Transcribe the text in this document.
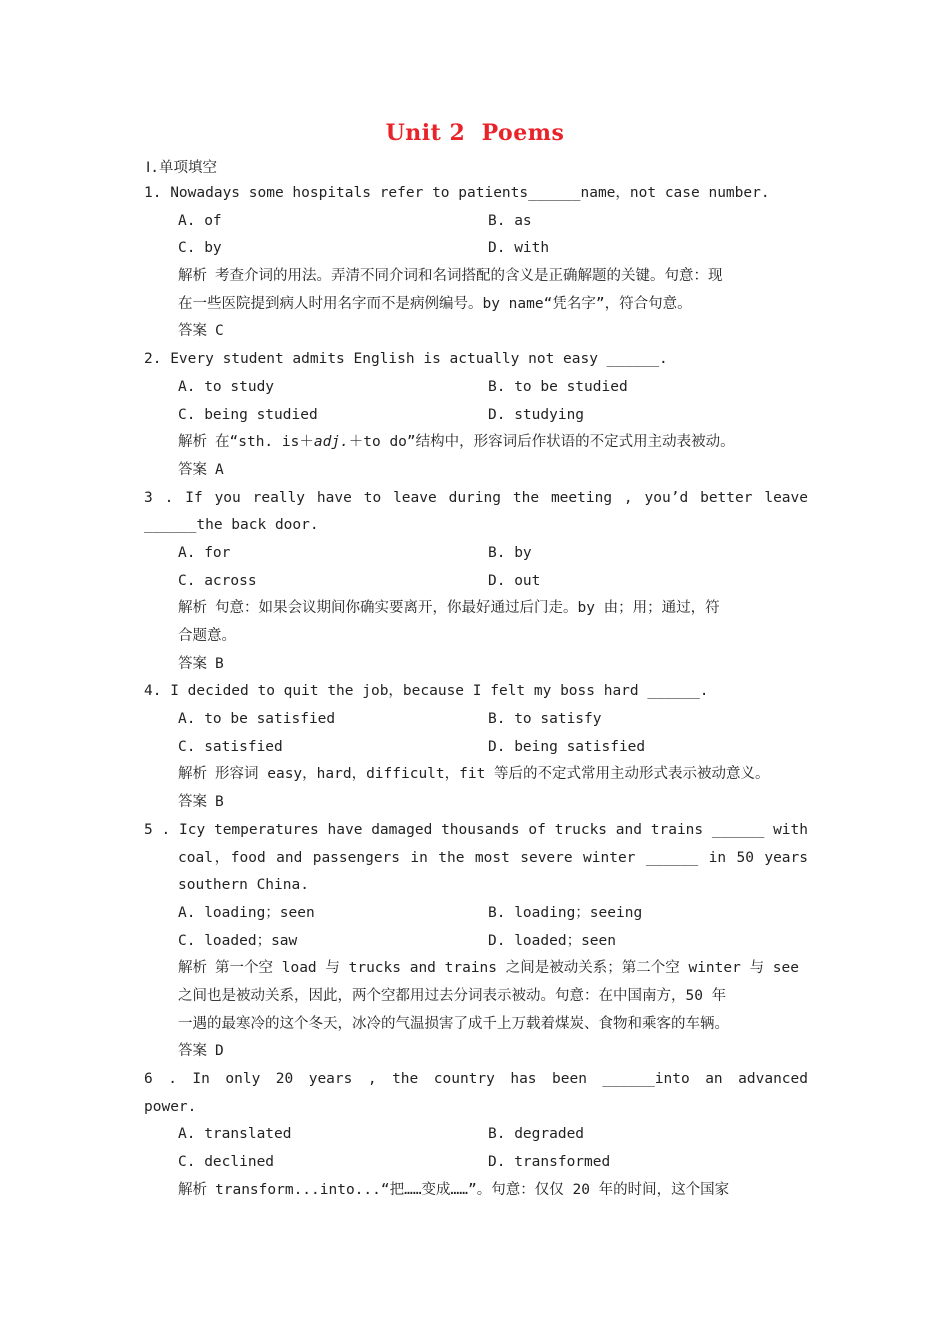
Unit 2  Poems
Ⅰ.单项填空
1. Nowadays some hospitals refer to patients______name，not case number.
A. of	B. as
C. by	D. with
解析 考查介词的用法。弄清不同介词和名词搭配的含义是正确解题的关键。句意：现
在一些医院提到病人时用名字而不是病例编号。by name“凭名字”，符合句意。
答案 C
2. Every student admits English is actually not easy ______.
A. to study	B. to be studied
C. being studied	D. studying
解析 在“sth. is＋adj.＋to do”结构中，形容词后作状语的不定式用主动表被动。
答案 A
3 . If you really have to leave during the meeting , you’d better leave
______the back door.
A. for	B. by
C. across	D. out
解析 句意：如果会议期间你确实要离开，你最好通过后门走。by 由；用；通过，符
合题意。
答案 B
4. I decided to quit the job，because I felt my boss hard ______.
A. to be satisfied	B. to satisfy
C. satisfied	D. being satisfied
解析 形容词 easy，hard，difficult，fit 等后的不定式常用主动形式表示被动意义。
答案 B
5 . Icy temperatures have damaged thousands of trucks and trains ______ with
coal，food and passengers in the most severe winter ______ in 50 years
southern China.
A. loading；seen	B. loading；seeing
C. loaded；saw	D. loaded；seen
解析 第一个空 load 与 trucks and trains 之间是被动关系；第二个空 winter 与 see
之间也是被动关系，因此，两个空都用过去分词表示被动。句意：在中国南方，50 年
一遇的最寒冷的这个冬天，冰冷的气温损害了成千上万载着煤炭、食物和乘客的车辆。
答案 D
6 . In only 20 years , the country has been ______into an advanced
power.
A. translated	B. degraded
C. declined	D. transformed
解析 transform...into...“把……变成……”。句意：仅仅 20 年的时间，这个国家
